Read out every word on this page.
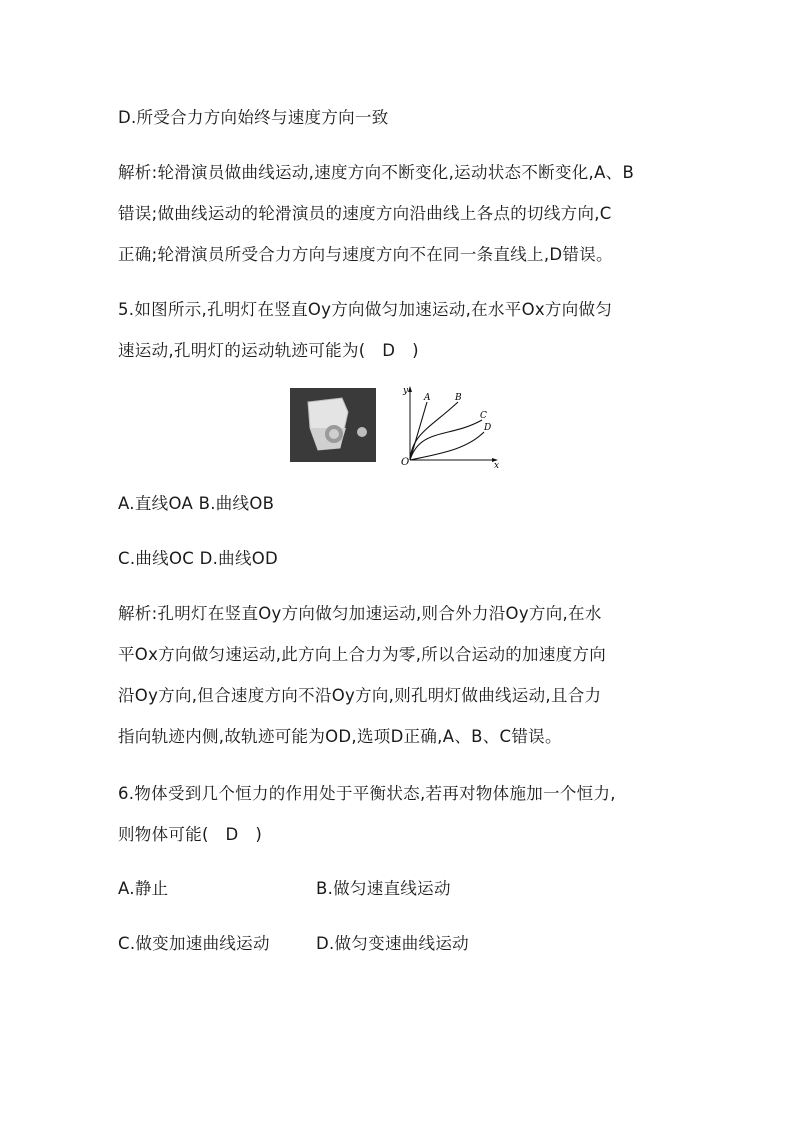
D.所受合力方向始终与速度方向一致
解析:轮滑演员做曲线运动,速度方向不断变化,运动状态不断变化,A、B
错误;做曲线运动的轮滑演员的速度方向沿曲线上各点的切线方向,C
正确;轮滑演员所受合力方向与速度方向不在同一条直线上,D错误。
5.如图所示,孔明灯在竖直Oy方向做匀加速运动,在水平Ox方向做匀
速运动,孔明灯的运动轨迹可能为(　D　)
y
x
O
A	B
C
D
A.直线OA B.曲线OB
C.曲线OC D.曲线OD
解析:孔明灯在竖直Oy方向做匀加速运动,则合外力沿Oy方向,在水
平Ox方向做匀速运动,此方向上合力为零,所以合运动的加速度方向
沿Oy方向,但合速度方向不沿Oy方向,则孔明灯做曲线运动,且合力
指向轨迹内侧,故轨迹可能为OD,选项D正确,A、B、C错误。
6.物体受到几个恒力的作用处于平衡状态,若再对物体施加一个恒力,
则物体可能(　D　)
A.静止	B.做匀速直线运动
C.做变加速曲线运动	D.做匀变速曲线运动
